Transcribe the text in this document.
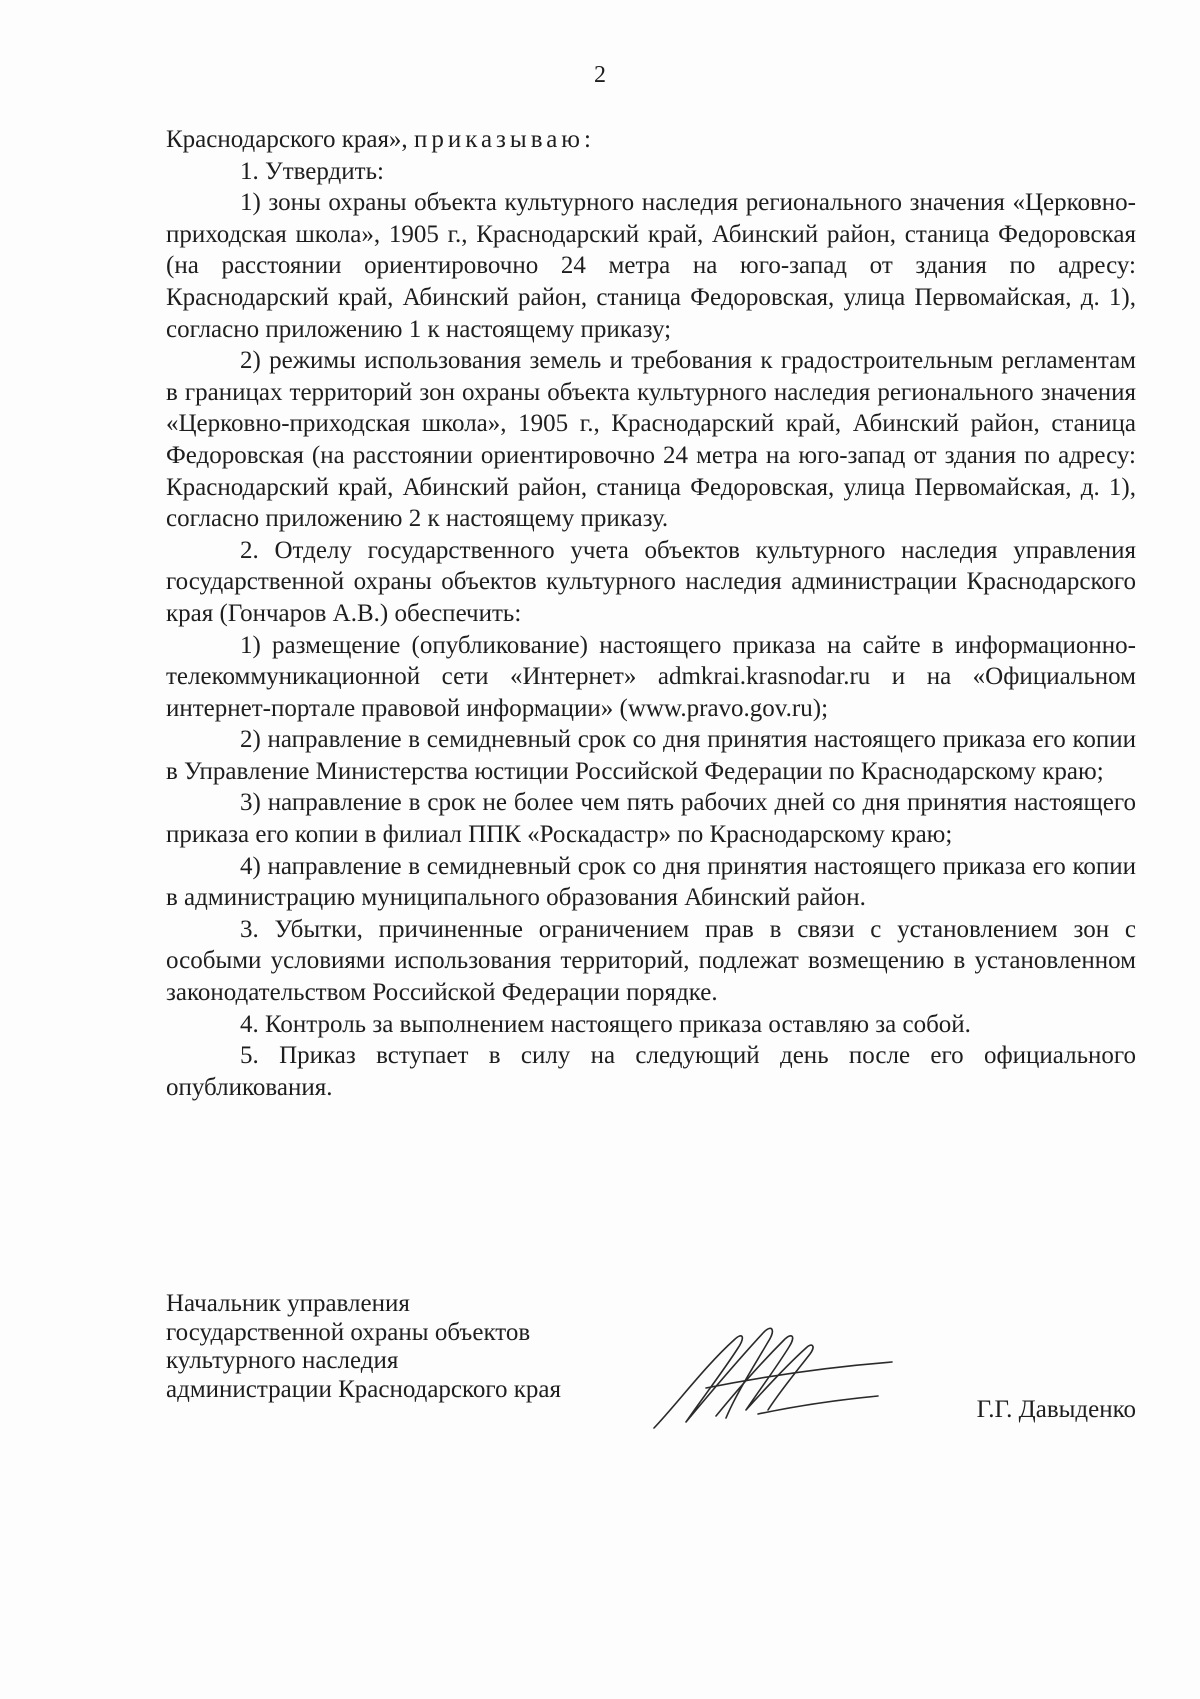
2

Краснодарского края», приказываю:

1. Утвердить:

1) зоны охраны объекта культурного наследия регионального значения «Церковно-приходская школа», 1905 г., Краснодарский край, Абинский район, станица Федоровская (на расстоянии ориентировочно 24 метра на юго-запад от здания по адресу: Краснодарский край, Абинский район, станица Федоровская, улица Первомайская, д. 1), согласно приложению 1 к настоящему приказу;

2) режимы использования земель и требования к градостроительным регламентам в границах территорий зон охраны объекта культурного наследия регионального значения «Церковно-приходская школа», 1905 г., Краснодарский край, Абинский район, станица Федоровская (на расстоянии ориентировочно 24 метра на юго-запад от здания по адресу: Краснодарский край, Абинский район, станица Федоровская, улица Первомайская, д. 1), согласно приложению 2 к настоящему приказу.

2. Отделу государственного учета объектов культурного наследия управления государственной охраны объектов культурного наследия администрации Краснодарского края (Гончаров А.В.) обеспечить:

1) размещение (опубликование) настоящего приказа на сайте в информационно-телекоммуникационной сети «Интернет» admkrai.krasnodar.ru и на «Официальном интернет-портале правовой информации» (www.pravo.gov.ru);

2) направление в семидневный срок со дня принятия настоящего приказа его копии в Управление Министерства юстиции Российской Федерации по Краснодарскому краю;

3) направление в срок не более чем пять рабочих дней со дня принятия настоящего приказа его копии в филиал ППК «Роскадастр» по Краснодарскому краю;

4) направление в семидневный срок со дня принятия настоящего приказа его копии в администрацию муниципального образования Абинский район.

3. Убытки, причиненные ограничением прав в связи с установлением зон с особыми условиями использования территорий, подлежат возмещению в установленном законодательством Российской Федерации порядке.

4. Контроль за выполнением настоящего приказа оставляю за собой.

5. Приказ вступает в силу на следующий день после его официального опубликования.

Начальник управления
государственной охраны объектов
культурного наследия
администрации Краснодарского края
Г.Г. Давыденко
